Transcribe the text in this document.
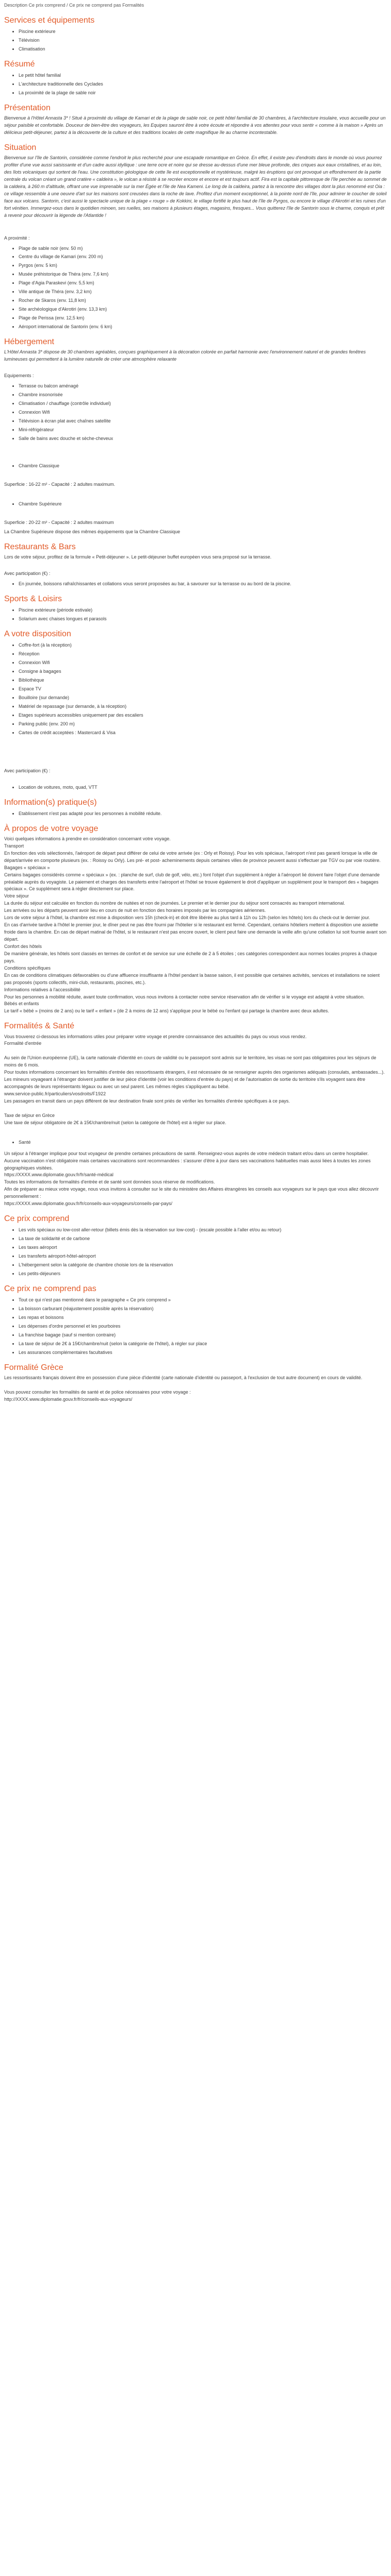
Description Ce prix comprend / Ce prix ne comprend pas Formalités

Services et équipements
Piscine extérieure
Télévision
Climatisation
Résumé
Le petit hôtel familial
L'architecture traditionnelle des Cyclades
La proximité de la plage de sable noir
Présentation

Bienvenue à l'Hôtel Annasta 3* ! Situé à proximité du village de Kamari et de la plage de sable noir, ce petit hôtel familial de 30 chambres, à l'architecture insulaire, vous accueille pour un séjour paisible et confortable. Douceur de bien-être des voyageurs, les Equipes sauront être à votre écoute et répondre à vos attentes pour vous sentir « comme à la maison » Après un délicieux petit-déjeuner, partez à la découverte de la culture et des traditions locales de cette magnifique île au charme incontestable.

Situation

Bienvenue sur l'île de Santorin, considérée comme l'endroit le plus recherché pour une escapade romantique en Grèce. En effet, il existe peu d'endroits dans le monde où vous pourrez profiter d'une vue aussi saisissante et d'un cadre aussi idyllique : une terre ocre et noire qui se dresse au-dessus d'une mer bleue profonde, des criques aux eaux cristallines, et au loin, des îlots volcaniques qui sortent de l'eau. Une constitution géologique de cette île est exceptionnelle et mystérieuse, malgré les éruptions qui ont provoqué un effondrement de la partie centrale du volcan créant un grand cratère « caldeira », le volcan a résisté à se recréer encore et encore et est toujours actif. Fira est la capitale pittoresque de l'île perchée au sommet de la caldeira, à 260 m d'altitude, offrant une vue imprenable sur la mer Égée et l'île de Nea Kameni. Le long de la caldeira, partez à la rencontre des villages dont la plus renommé est Oia : ce village ressemble à une oeuvre d'art sur les maisons sont creusées dans la roche de lave. Profitez d'un moment exceptionnel, à la pointe nord de l'île, pour admirer le coucher de soleil face aux volcans. Santorin, c'est aussi le spectacle unique de la plage « rouge » de Kokkini, le village fortifié le plus haut de l'île de Pyrgos, ou encore le village d'Akrotiri et les ruines d'un fort vénitien. Immergez-vous dans le quotidien minoen, ses ruelles, ses maisons à plusieurs étages, magasins, fresques... Vous quitterez l'île de Santorin sous le charme, conquis et prêt à revenir pour découvrir la légende de l'Atlantide !

A proximité :

Plage de sable noir (env. 50 m)
Centre du village de Kamari (env. 200 m)
Pyrgos (env. 5 km)
Musée préhistorique de Théra (env. 7,6 km)
Plage d'Agia Paraskevi (env. 5,5 km)
Ville antique de Théra (env. 3,2 km)
Rocher de Skaros (env. 11,8 km)
Site archéologique d'Akrotiri (env. 13,3 km)
Plage de Perissa (env. 12,5 km)
Aéroport international de Santorin (env. 6 km)
Hébergement

L'Hôtel Annasta 3* dispose de 30 chambres agréables, conçues graphiquement à la décoration colorée en parfait harmonie avec l'environnement naturel et de grandes fenêtres lumineuses qui permettent à la lumière naturelle de créer une atmosphère relaxante

Equipements :

Terrasse ou balcon aménagé
Chambre insonorisée
Climatisation / chauffage (contrôle individuel)
Connexion Wifi
Télévision à écran plat avec chaînes satellite
Mini-réfrigérateur
Salle de bains avec douche et sèche-cheveux
Chambre Classique

Superficie : 16-22 m² - Capacité : 2 adultes maximum.

Chambre Supérieure

Superficie : 20-22 m² - Capacité : 2 adultes maximum

La Chambre Supérieure dispose des mêmes équipements que la Chambre Classique

Restaurants & Bars

Lors de votre séjour, profitez de la formule « Petit-déjeuner ». Le petit-déjeuner buffet européen vous sera proposé sur la terrasse.

Avec participation (€) :

En journée, boissons rafraîchissantes et collations vous seront proposées au bar, à savourer sur la terrasse ou au bord de la piscine.
Sports & Loisirs
Piscine extérieure (période estivale)
Solarium avec chaises longues et parasols
A votre disposition
Coffre-fort (à la réception)
Réception
Connexion Wifi
Consigne à bagages
Bibliothèque
Espace TV
Bouilloire (sur demande)
Matériel de repassage (sur demande, à la réception)
Etages supérieurs accessibles uniquement par des escaliers
Parking public (env. 200 m)
Cartes de crédit acceptées : Mastercard & Visa

Avec participation (€) :

Location de voitures, moto, quad, VTT
Information(s) pratique(s)
Etablissement n'est pas adapté pour les personnes à mobilité réduite.
À propos de votre voyage

Voici quelques informations à prendre en considération concernant votre voyage.
Transport
En fonction des vols sélectionnés, l'aéroport de départ peut différer de celui de votre arrivée (ex : Orly et Roissy). Pour les vols spéciaux, l'aéroport n'est pas garanti lorsque la ville de départ/arrivée en comporte plusieurs (ex. : Roissy ou Orly). Les pré- et post- acheminements depuis certaines villes de province peuvent aussi s'effectuer par TGV ou par voie routière.
Bagages « spéciaux »
Certains bagages considérés comme « spéciaux » (ex. : planche de surf, club de golf, vélo, etc.) font l'objet d'un supplément à régler à l'aéroport lié doivent faire l'objet d'une demande préalable auprès du voyagiste. Le paiement et charges des transferts entre l'aéroport et l'hôtel se trouve également le droit d'appliquer un supplément pour le transport des « bagages spéciaux ». Ce supplément sera à régler directement sur place.
Votre séjour
La durée du séjour est calculée en fonction du nombre de nuitées et non de journées. Le premier et le dernier jour du séjour sont consacrés au transport international.
Les arrivées ou les départs peuvent avoir lieu en cours de nuit en fonction des horaires imposés par les compagnies aériennes.
Lors de votre séjour à l'hôtel, la chambre est mise à disposition vers 15h (check-in) et doit être libérée au plus tard à 11h ou 12h (selon les hôtels) lors du check-out le dernier jour.
En cas d'arrivée tardive à l'hôtel le premier jour, le dîner peut ne pas être fourni par l'hôtelier si le restaurant est fermé. Cependant, certains hôteliers mettent à disposition une assiette froide dans la chambre. En cas de départ matinal de l'hôtel, si le restaurant n'est pas encore ouvert, le client peut faire une demande la veille afin qu'une collation lui soit fournie avant son départ.
Confort des hôtels
De manière générale, les hôtels sont classés en termes de confort et de service sur une échelle de 2 à 5 étoiles ; ces catégories correspondent aux normes locales propres à chaque pays.
Conditions spécifiques
En cas de conditions climatiques défavorables ou d'une affluence insuffisante à l'hôtel pendant la basse saison, il est possible que certaines activités, services et installations ne soient pas proposés (sports collectifs, mini-club, restaurants, piscines, etc.).
Informations relatives à l'accessibilité
Pour les personnes à mobilité réduite, avant toute confirmation, vous nous invitons à contacter notre service réservation afin de vérifier si le voyage est adapté à votre situation.
Bébés et enfants
Le tarif « bébé » (moins de 2 ans) ou le tarif « enfant » (de 2 à moins de 12 ans) s'applique pour le bébé ou l'enfant qui partage la chambre avec deux adultes.

Formalités & Santé

Vous trouverez ci-dessous les informations utiles pour préparer votre voyage et prendre connaissance des actualités du pays ou vous vous rendez.
Formalité d'entrée

Au sein de l'Union européenne (UE), la carte nationale d'identité en cours de validité ou le passeport sont admis sur le territoire, les visas ne sont pas obligatoires pour les séjours de moins de 6 mois.
Pour toutes informations concernant les formalités d'entrée des ressortissants étrangers, il est nécessaire de se renseigner auprès des organismes adéquats (consulats, ambassades...).
Les mineurs voyageant à l'étranger doivent justifier de leur pièce d'identité (voir les conditions d'entrée du pays) et de l'autorisation de sortie du territoire s'ils voyagent sans être accompagnés de leurs représentants légaux ou avec un seul parent. Les mêmes règles s'appliquent au bébé.
www.service-public.fr/particuliers/vosdroits/F1922
Les passagers en transit dans un pays différent de leur destination finale sont priés de vérifier les formalités d'entrée spécifiques à ce pays.

Taxe de séjour en Grèce
Une taxe de séjour obligatoire de 2€ à 15€/chambre/nuit (selon la catégorie de l'hôtel) est à régler sur place.

Santé

Un séjour à l'étranger implique pour tout voyageur de prendre certaines précautions de santé. Renseignez-vous auprès de votre médecin traitant et/ou dans un centre hospitalier.
Aucune vaccination n'est obligatoire mais certaines vaccinations sont recommandées : s'assurer d'être à jour dans ses vaccinations habituelles mais aussi liées à toutes les zones géographiques visitées.
https://XXXX.www.diplomatie.gouv.fr/fr/santé-médical
Toutes les informations de formalités d'entrée et de santé sont données sous réserve de modifications.
Afin de préparer au mieux votre voyage, nous vous invitons à consulter sur le site du ministère des Affaires étrangères les conseils aux voyageurs sur le pays que vous allez découvrir personnellement :
https://XXXX.www.diplomatie.gouv.fr/fr/conseils-aux-voyageurs/conseils-par-pays/

Ce prix comprend
Les vols spéciaux ou low-cost aller-retour (billets émis dès la réservation sur low-cost) - (escale possible à l'aller et/ou au retour)
La taxe de solidarité et de carbone
Les taxes aéroport
Les transferts aéroport-hôtel-aéroport
L'hébergement selon la catégorie de chambre choisie lors de la réservation
Les petits-déjeuners
Ce prix ne comprend pas
Tout ce qui n'est pas mentionné dans le paragraphe « Ce prix comprend »
La boisson carburant (réajustement possible après la réservation)
Les repas et boissons
Les dépenses d'ordre personnel et les pourboires
La franchise bagage (sauf si mention contraire)
La taxe de séjour de 2€ à 15€/chambre/nuit (selon la catégorie de l'hôtel), à régler sur place
Les assurances complémentaires facultatives
Formalité Grèce

Les ressortissants français doivent être en possession d'une pièce d'identité (carte nationale d'identité ou passeport, à l'exclusion de tout autre document) en cours de validité.

Vous pouvez consulter les formalités de santé et de police nécessaires pour votre voyage :
http://XXXX.www.diplomatie.gouv.fr/fr/conseils-aux-voyageurs/
